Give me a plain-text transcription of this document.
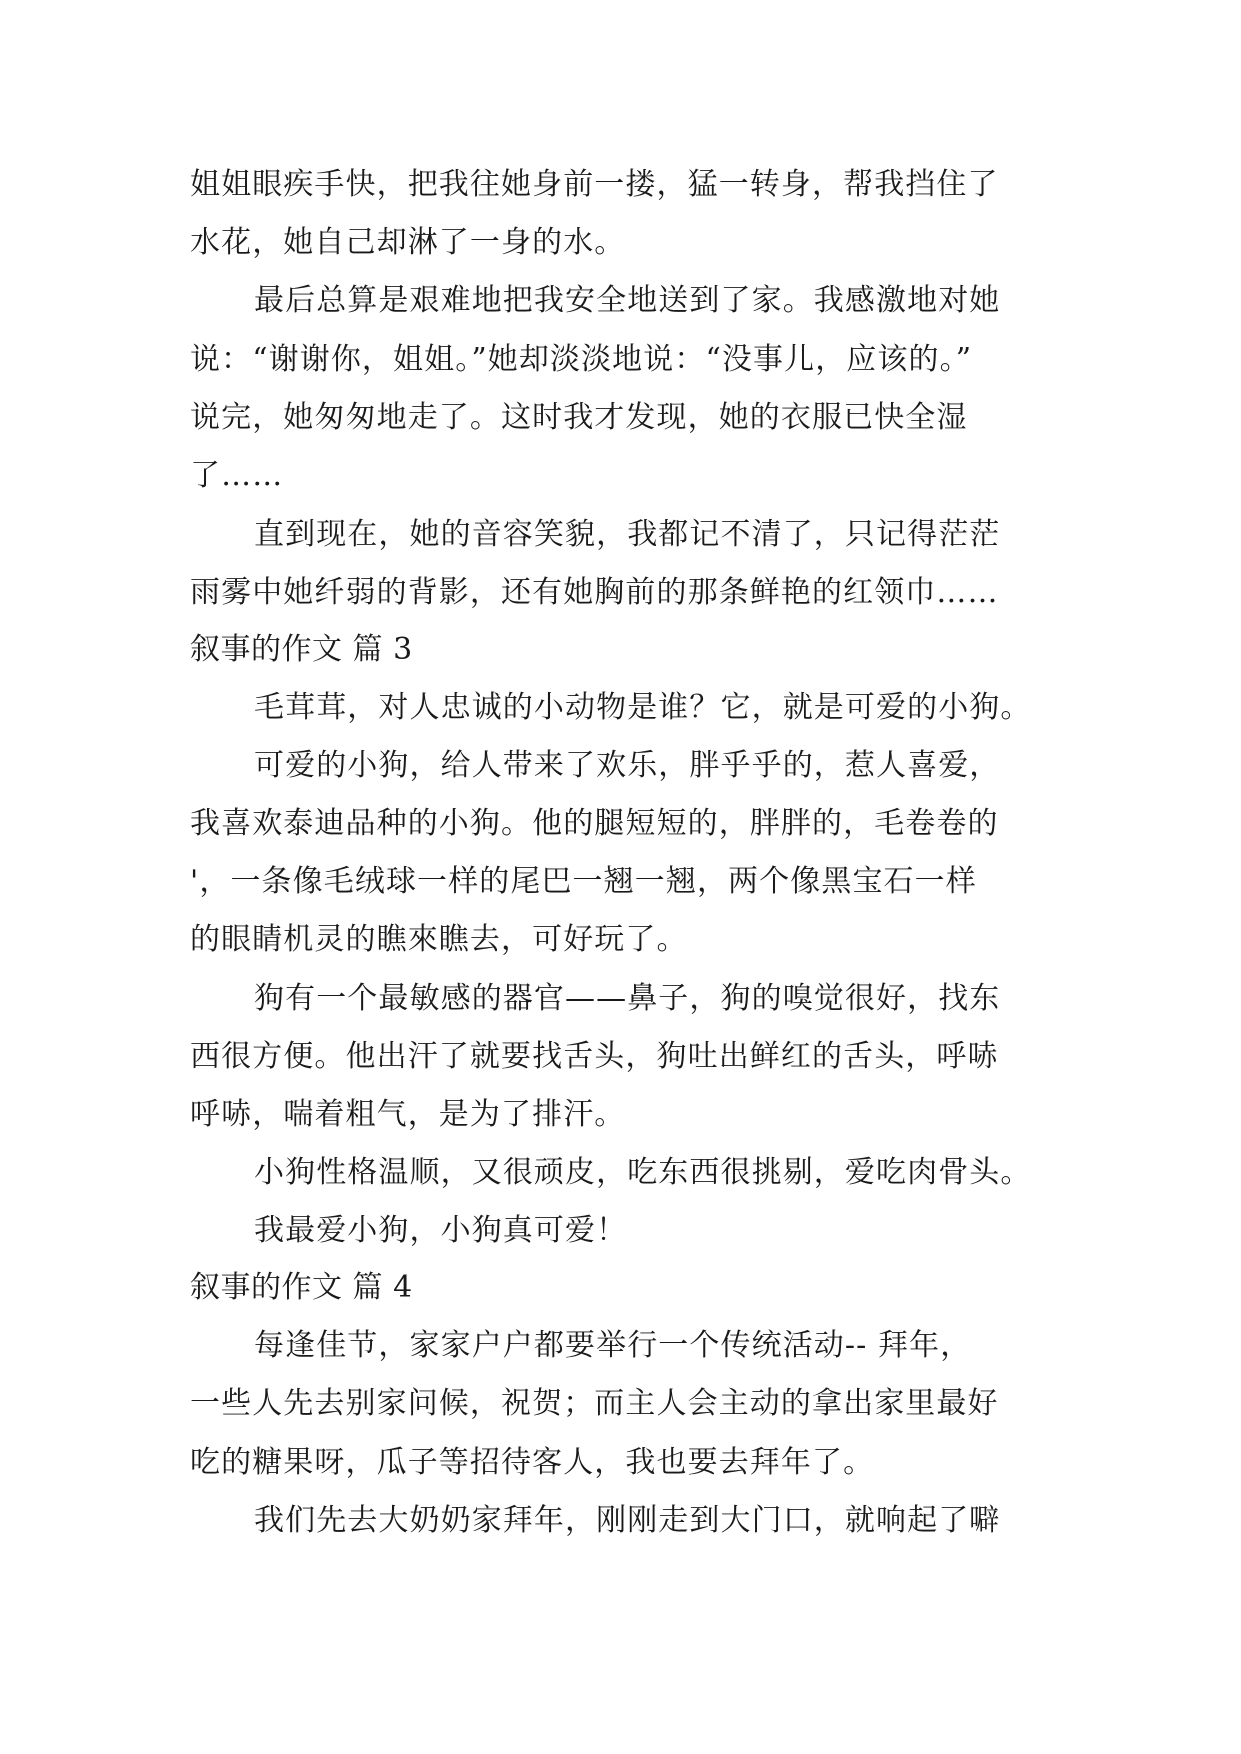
姐姐眼疾手快，把我往她身前一搂，猛一转身，帮我挡住了
水花，她自己却淋了一身的水。
最后总算是艰难地把我安全地送到了家。我感激地对她
说：“谢谢你，姐姐。”她却淡淡地说：“没事儿，应该的。”
说完，她匆匆地走了。这时我才发现，她的衣服已快全湿
了……
直到现在，她的音容笑貌，我都记不清了，只记得茫茫
雨雾中她纤弱的背影，还有她胸前的那条鲜艳的红领巾……
叙事的作文 篇 3
毛茸茸，对人忠诚的小动物是谁？它，就是可爱的小狗。
可爱的小狗，给人带来了欢乐，胖乎乎的，惹人喜爱，
我喜欢泰迪品种的小狗。他的腿短短的，胖胖的，毛卷卷的
'，一条像毛绒球一样的尾巴一翘一翘，两个像黑宝石一样
的眼睛机灵的瞧來瞧去，可好玩了。
狗有一个最敏感的器官——鼻子，狗的嗅觉很好，找东
西很方便。他出汗了就要找舌头，狗吐出鲜红的舌头，呼哧
呼哧，喘着粗气，是为了排汗。
小狗性格温顺，又很顽皮，吃东西很挑剔，爱吃肉骨头。
我最爱小狗，小狗真可爱！
叙事的作文 篇 4
每逢佳节，家家户户都要举行一个传统活动-- 拜年，
一些人先去别家问候，祝贺；而主人会主动的拿出家里最好
吃的糖果呀，瓜子等招待客人，我也要去拜年了。
我们先去大奶奶家拜年，刚刚走到大门口，就响起了噼
